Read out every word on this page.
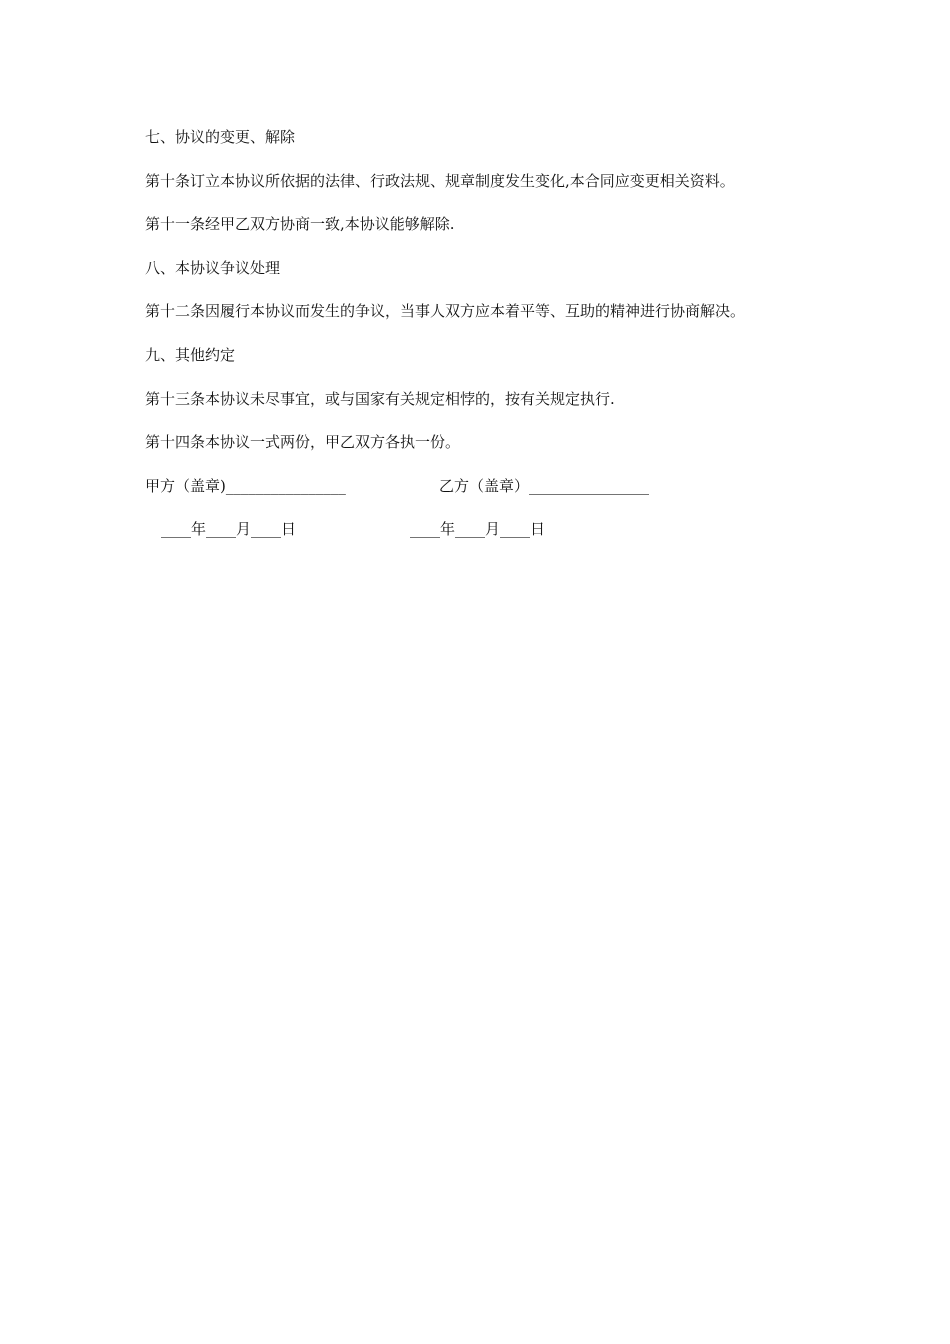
七、协议的变更、解除
第十条订立本协议所依据的法律、行政法规、规章制度发生变化,本合同应变更相关资料。
第十一条经甲乙双方协商一致,本协议能够解除.
八、本协议争议处理
第十二条因履行本协议而发生的争议，当事人双方应本着平等、互助的精神进行协商解决。
九、其他约定
第十三条本协议未尽事宜，或与国家有关规定相悖的，按有关规定执行.
第十四条本协议一式两份，甲乙双方各执一份。
甲方（盖章)________________	乙方（盖章）________________
____年____月____日	____年____月____日
